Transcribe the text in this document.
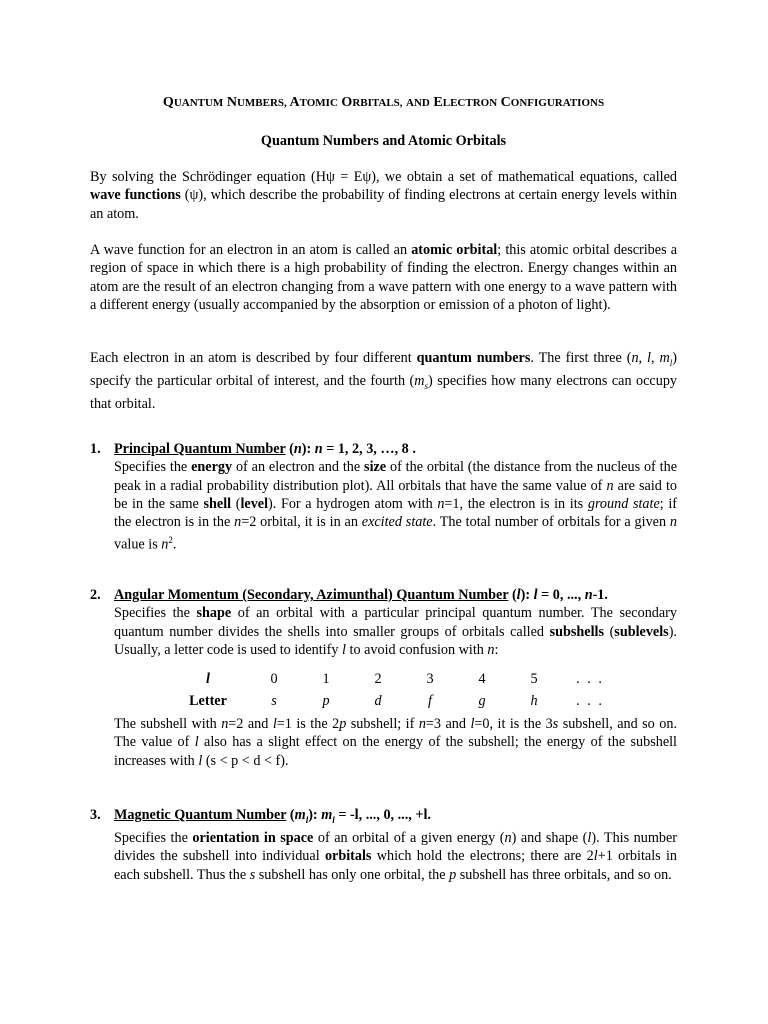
QUANTUM NUMBERS, ATOMIC ORBITALS, AND ELECTRON CONFIGURATIONS

Quantum Numbers and Atomic Orbitals

By solving the Schrödinger equation (Hψ = Eψ), we obtain a set of mathematical equations, called wave functions (ψ), which describe the probability of finding electrons at certain energy levels within an atom.

A wave function for an electron in an atom is called an atomic orbital; this atomic orbital describes a region of space in which there is a high probability of finding the electron. Energy changes within an atom are the result of an electron changing from a wave pattern with one energy to a wave pattern with a different energy (usually accompanied by the absorption or emission of a photon of light).

Each electron in an atom is described by four different quantum numbers. The first three (n, l, $m_l$) specify the particular orbital of interest, and the fourth $(m_s)$ specifies how many electrons can occupy that orbital.

1. Principal Quantum Number (n): n = 1, 2, 3, …, 8 .

Specifies the energy of an electron and the size of the orbital (the distance from the nucleus of the peak in a radial probability distribution plot). All orbitals that have the same value of n are said to be in the same shell (level). For a hydrogen atom with n=1, the electron is in its ground state; if the electron is in the n=2 orbital, it is in an excited state. The total number of orbitals for a given n value is $n^2$.

2. Angular Momentum (Secondary, Azimunthal) Quantum Number (l): l = 0, ..., n-1.

Specifies the shape of an orbital with a particular principal quantum number. The secondary quantum number divides the shells into smaller groups of orbitals called subshells (sublevels). Usually, a letter code is used to identify l to avoid confusion with n:

l	0	1	2	3	4	5	. . .
Letter	s	p	d	f	g	h	. . .

The subshell with n=2 and l=1 is the 2p subshell; if n=3 and l=0, it is the 3s subshell, and so on. The value of l also has a slight effect on the energy of the subshell; the energy of the subshell increases with l (s < p < d < f).

3. Magnetic Quantum Number $(m_l)$: $m_l = -l$, ..., 0, ..., +l.

Specifies the orientation in space of an orbital of a given energy (n) and shape (l). This number divides the subshell into individual orbitals which hold the electrons; there are 2l+1 orbitals in each subshell. Thus the s subshell has only one orbital, the p subshell has three orbitals, and so on.
